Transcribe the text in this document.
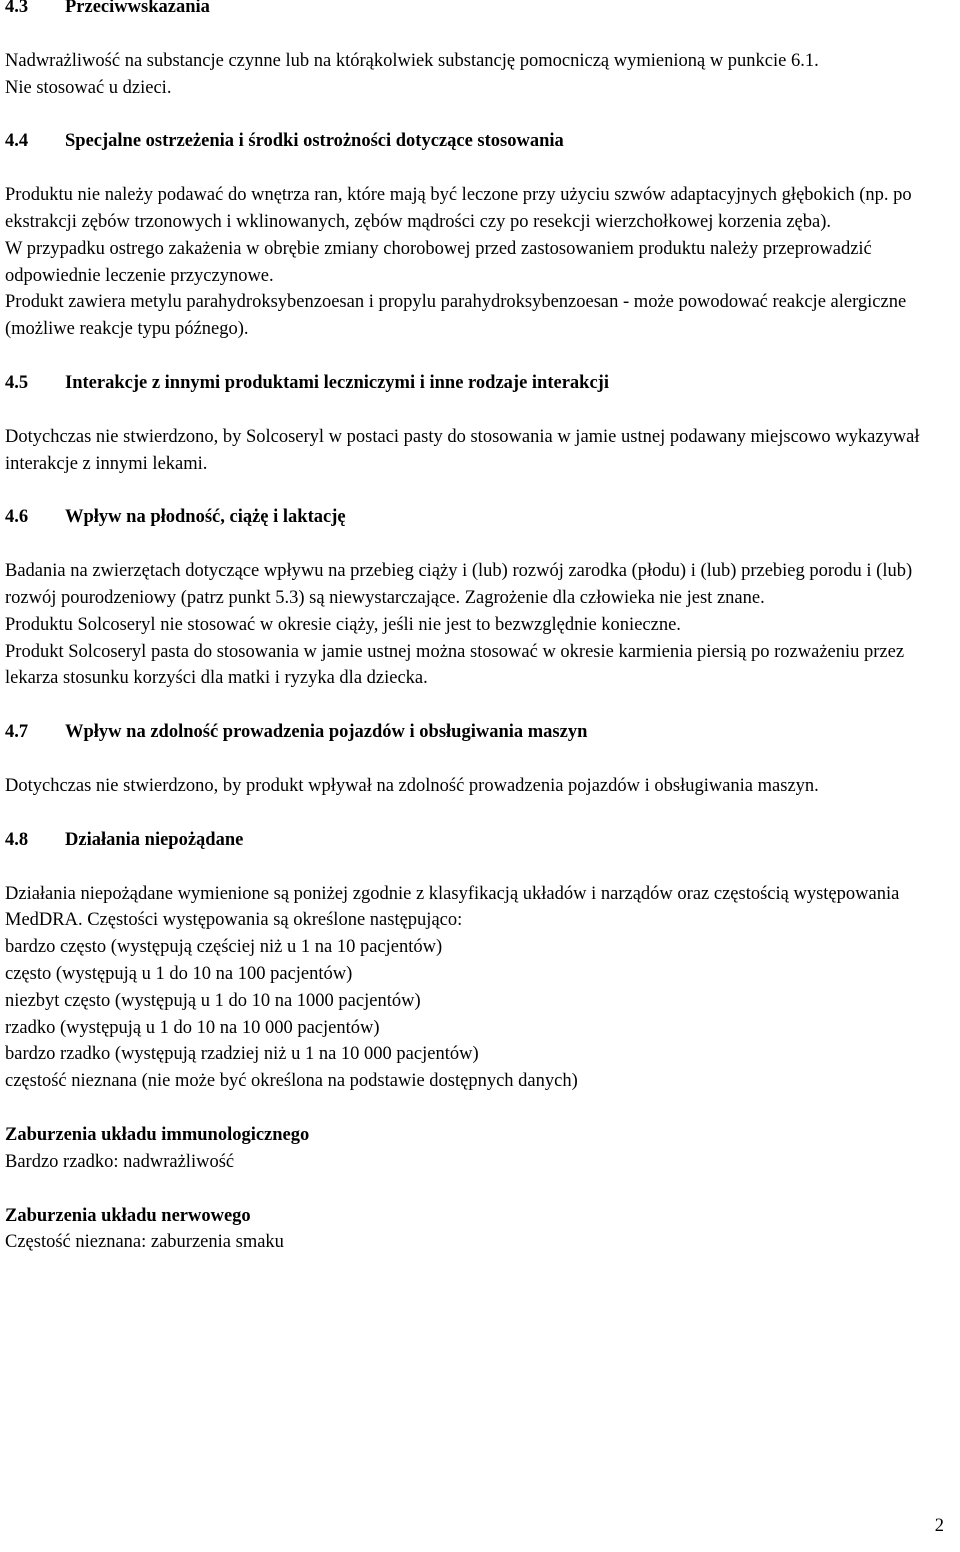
4.3	Przeciwwskazania

Nadwrażliwość na substancje czynne lub na którąkolwiek substancję pomocniczą wymienioną w punkcie 6.1.

Nie stosować u dzieci.

4.4	Specjalne ostrzeżenia i środki ostrożności dotyczące stosowania

Produktu nie należy podawać do wnętrza ran, które mają być leczone przy użyciu szwów adaptacyjnych głębokich (np. po ekstrakcji zębów trzonowych i wklinowanych, zębów mądrości czy po resekcji wierzchołkowej korzenia zęba).

W przypadku ostrego zakażenia w obrębie zmiany chorobowej przed zastosowaniem produktu należy przeprowadzić odpowiednie leczenie przyczynowe.

Produkt zawiera metylu parahydroksybenzoesan i propylu parahydroksybenzoesan - może powodować reakcje alergiczne (możliwe reakcje typu późnego).

4.5	Interakcje z innymi produktami leczniczymi i inne rodzaje interakcji

Dotychczas nie stwierdzono, by Solcoseryl w postaci pasty do stosowania w jamie ustnej podawany miejscowo wykazywał interakcje z innymi lekami.

4.6	Wpływ na płodność, ciążę i laktację

Badania na zwierzętach dotyczące wpływu na przebieg ciąży i (lub) rozwój zarodka (płodu) i (lub) przebieg porodu i (lub) rozwój pourodzeniowy (patrz punkt 5.3) są niewystarczające. Zagrożenie dla człowieka nie jest znane.

Produktu Solcoseryl nie stosować w okresie ciąży, jeśli nie jest to bezwzględnie konieczne.

Produkt Solcoseryl pasta do stosowania w jamie ustnej można stosować w okresie karmienia piersią po rozważeniu przez lekarza stosunku korzyści dla matki i ryzyka dla dziecka.

4.7	Wpływ na zdolność prowadzenia pojazdów i obsługiwania maszyn

Dotychczas nie stwierdzono, by produkt wpływał na zdolność prowadzenia pojazdów i obsługiwania maszyn.

4.8	Działania niepożądane

Działania niepożądane wymienione są poniżej zgodnie z klasyfikacją układów i narządów oraz częstością występowania MedDRA. Częstości występowania są określone następująco:

bardzo często (występują częściej niż u 1 na 10 pacjentów)

często (występują u 1 do 10 na 100 pacjentów)

niezbyt często (występują u 1 do 10 na 1000 pacjentów)

rzadko (występują u 1 do 10 na 10 000 pacjentów)

bardzo rzadko (występują rzadziej niż u 1 na 10 000 pacjentów)

częstość nieznana (nie może być określona na podstawie dostępnych danych)

Zaburzenia układu immunologicznego

Bardzo rzadko: nadwrażliwość

Zaburzenia układu nerwowego

Częstość nieznana: zaburzenia smaku

2
